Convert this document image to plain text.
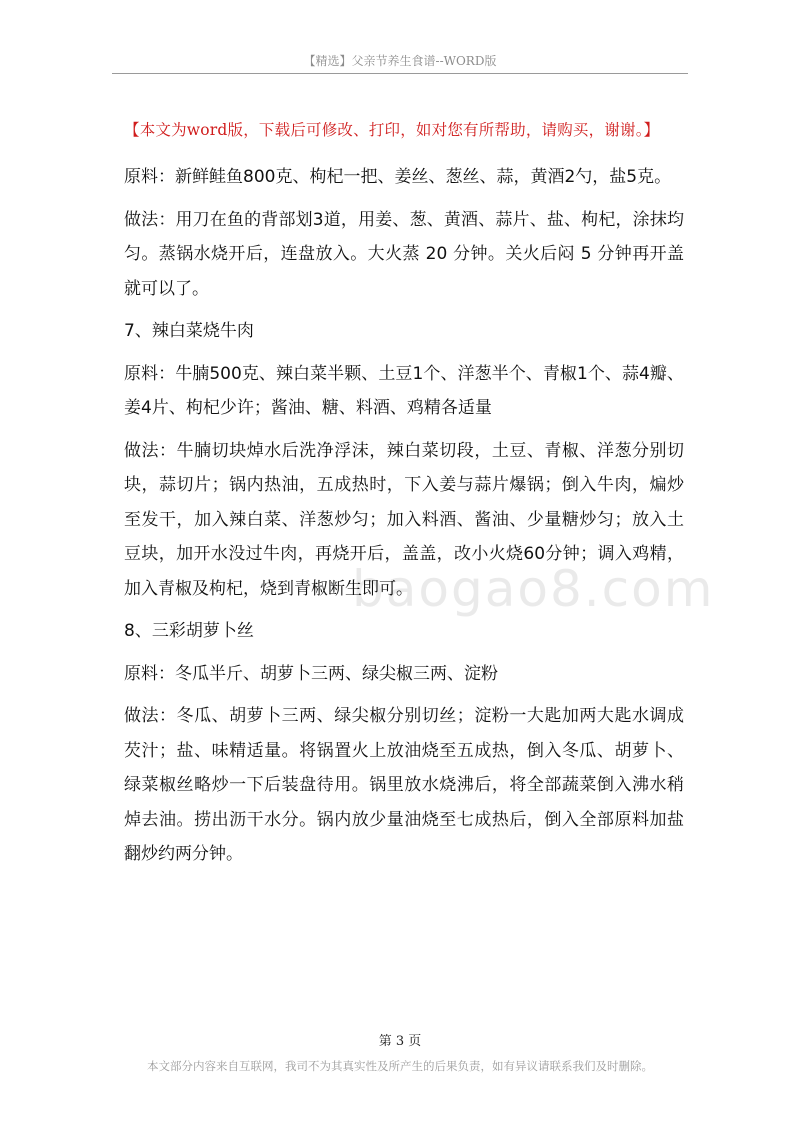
【精选】父亲节养生食谱--WORD版
【本文为word版，下载后可修改、打印，如对您有所帮助，请购买，谢谢。】
baogao8.com

原料：新鲜鲑鱼800克、枸杞一把、姜丝、葱丝、蒜，黄酒2勺，盐5克。

做法：用刀在鱼的背部划3道，用姜、葱、黄酒、蒜片、盐、枸杞，涂抹均匀。蒸锅水烧开后，连盘放入。大火蒸 20 分钟。关火后闷 5 分钟再开盖就可以了。

7、辣白菜烧牛肉

原料：牛腩500克、辣白菜半颗、土豆1个、洋葱半个、青椒1个、蒜4瓣、姜4片、枸杞少许；酱油、糖、料酒、鸡精各适量

做法：牛腩切块焯水后洗净浮沫，辣白菜切段，土豆、青椒、洋葱分别切块，蒜切片；锅内热油，五成热时，下入姜与蒜片爆锅；倒入牛肉，煸炒至发干，加入辣白菜、洋葱炒匀；加入料酒、酱油、少量糖炒匀；放入土豆块，加开水没过牛肉，再烧开后，盖盖，改小火烧60分钟；调入鸡精，加入青椒及枸杞，烧到青椒断生即可。

8、三彩胡萝卜丝

原料：冬瓜半斤、胡萝卜三两、绿尖椒三两、淀粉

做法：冬瓜、胡萝卜三两、绿尖椒分别切丝；淀粉一大匙加两大匙水调成芡汁；盐、味精适量。将锅置火上放油烧至五成热，倒入冬瓜、胡萝卜、绿菜椒丝略炒一下后装盘待用。锅里放水烧沸后，将全部蔬菜倒入沸水稍焯去油。捞出沥干水分。锅内放少量油烧至七成热后，倒入全部原料加盐翻炒约两分钟。

第 3 页
本文部分内容来自互联网，我司不为其真实性及所产生的后果负责，如有异议请联系我们及时删除。
